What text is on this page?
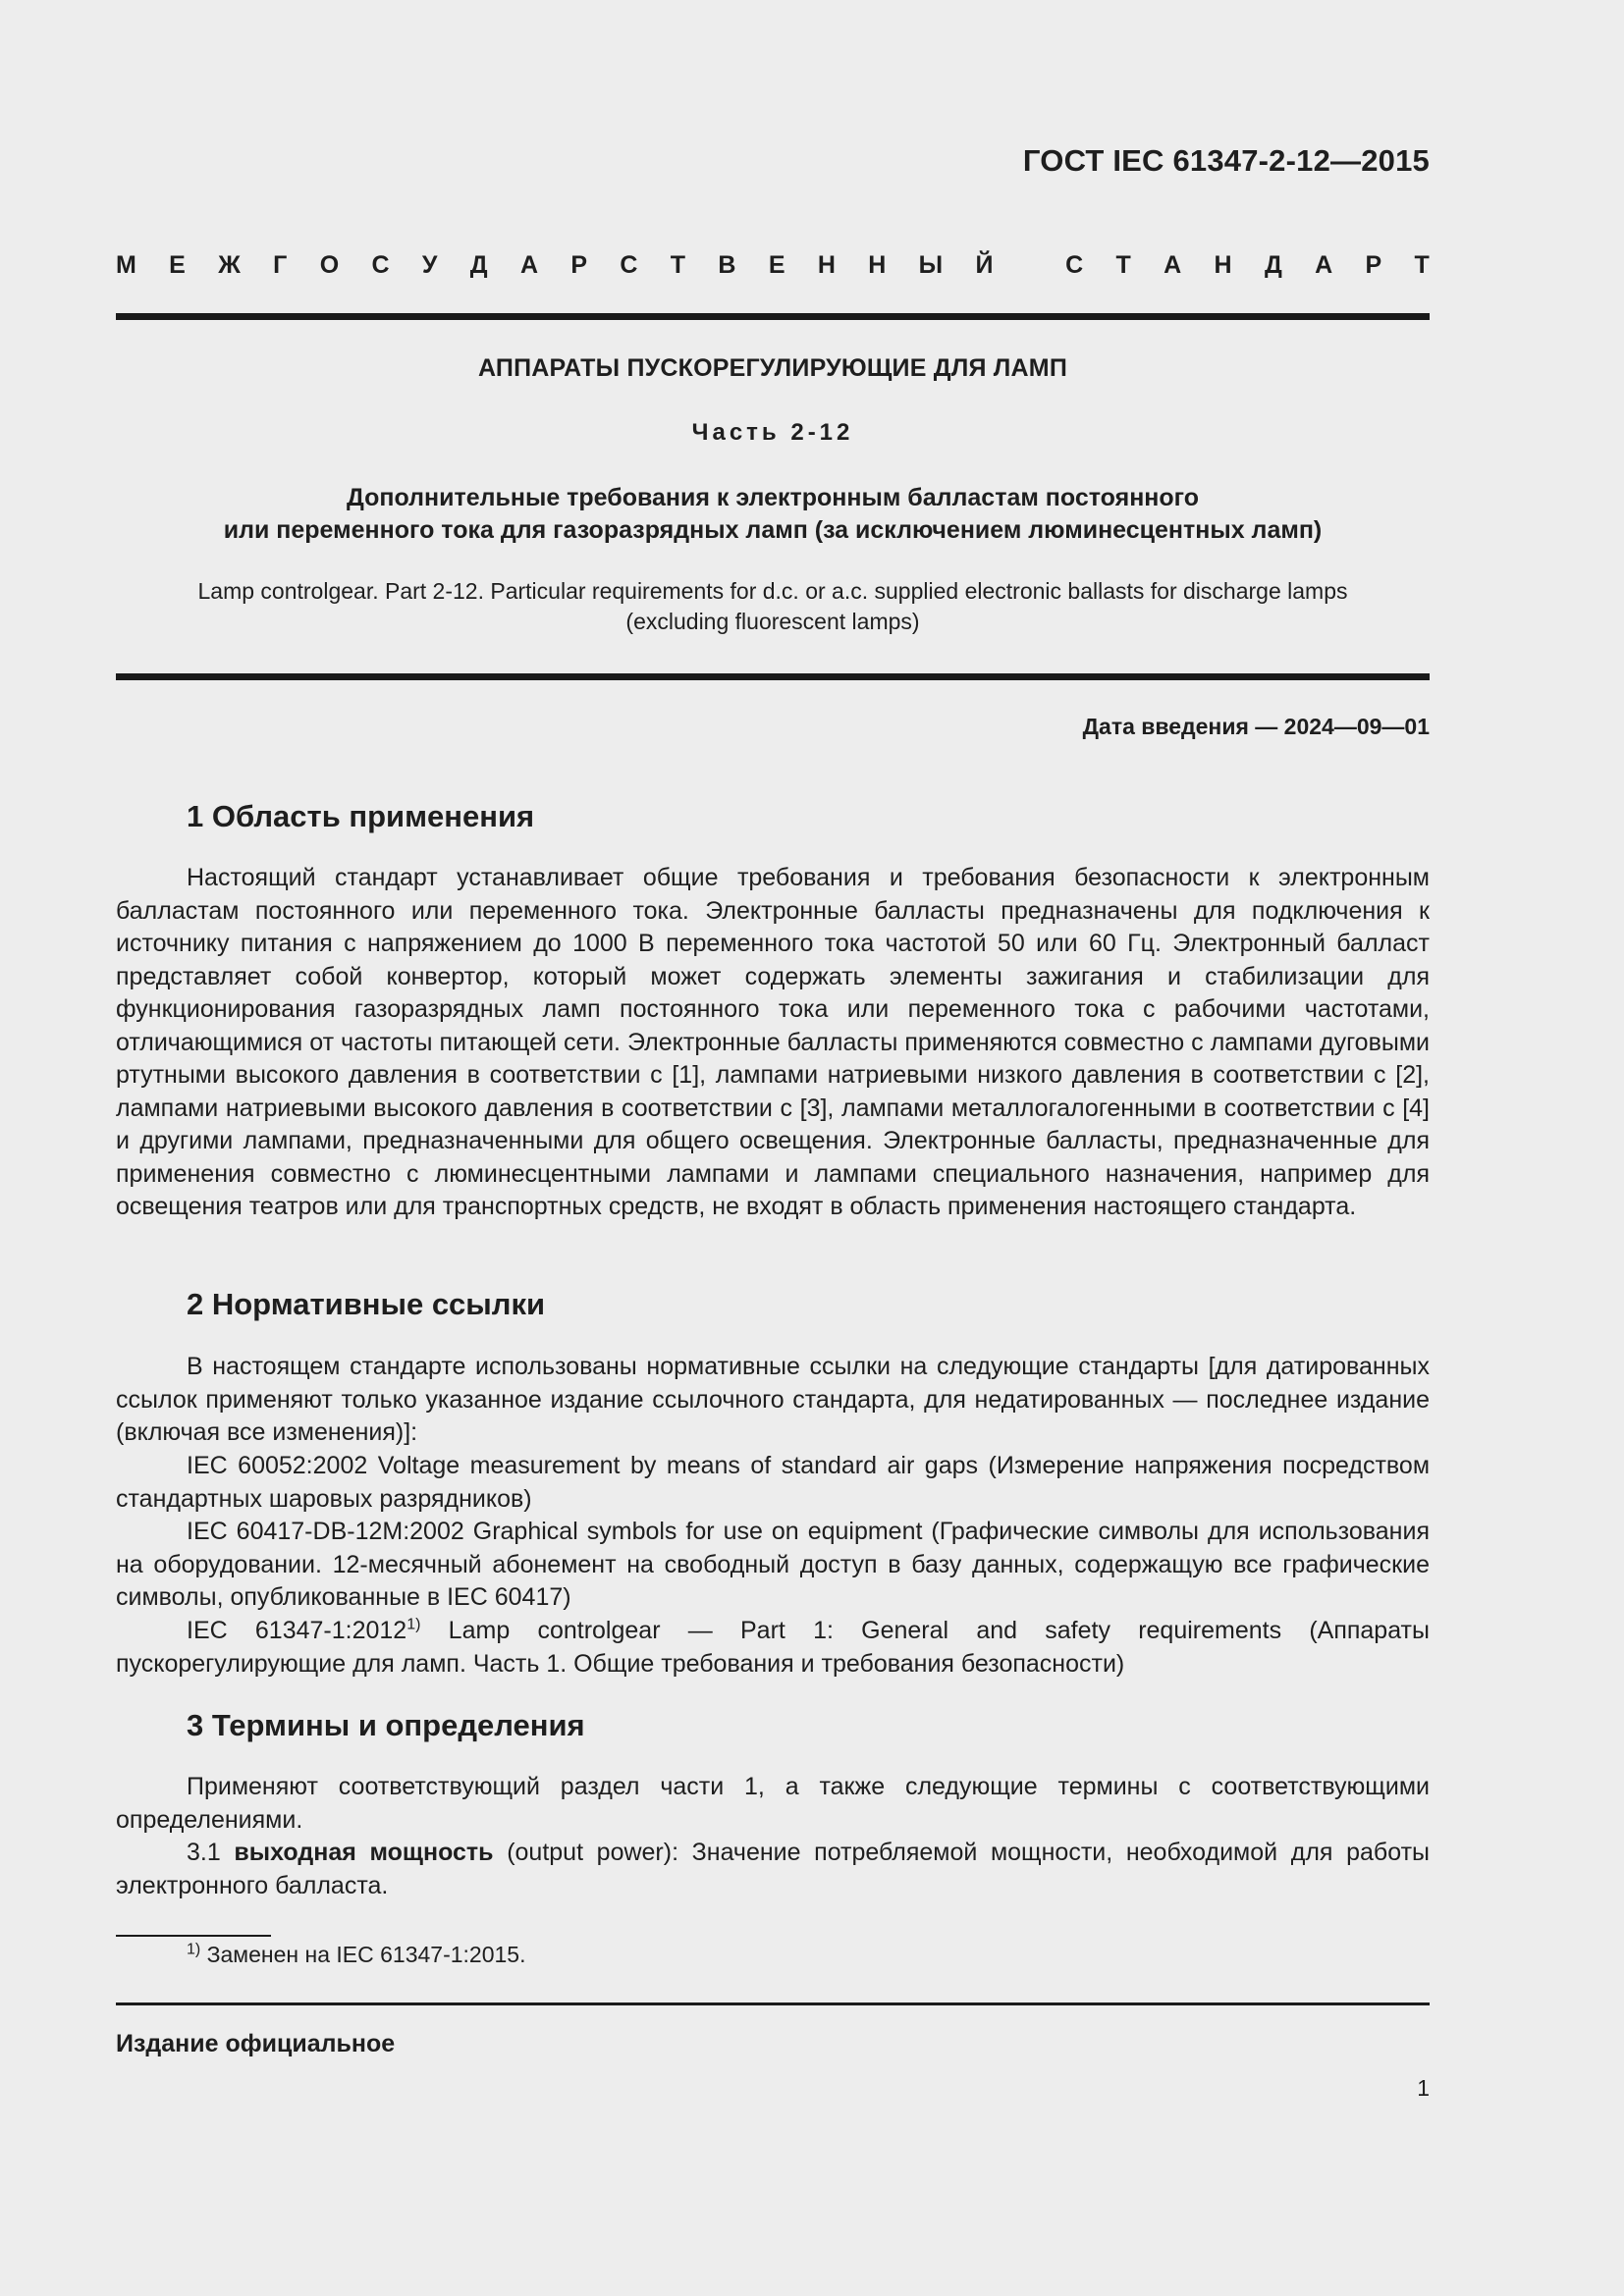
ГОСТ IEC 61347-2-12—2015
М Е Ж Г О С У Д А Р С Т В Е Н Н Ы Й
	С Т А Н Д А Р Т
АППАРАТЫ ПУСКОРЕГУЛИРУЮЩИЕ ДЛЯ ЛАМП
Часть 2-12
Дополнительные требования к электронным балластам постоянного
или переменного тока для газоразрядных ламп (за исключением люминесцентных ламп)
Lamp controlgear. Part 2-12. Particular requirements for d.c. or a.c. supplied electronic ballasts for discharge lamps
(excluding fluorescent lamps)
Дата введения — 2024—09—01
1 Область применения

Настоящий стандарт устанавливает общие требования и требования безопасности к электронным балластам постоянного или переменного тока. Электронные балласты предназначены для подключения к источнику питания с напряжением до 1000 В переменного тока частотой 50 или 60 Гц. Электронный балласт представляет собой конвертор, который может содержать элементы зажигания и стабилизации для функционирования газоразрядных ламп постоянного тока или переменного тока с рабочими частотами, отличающимися от частоты питающей сети. Электронные балласты применяются совместно с лампами дуговыми ртутными высокого давления в соответствии с [1], лампами натриевыми низкого давления в соответствии с [2], лампами натриевыми высокого давления в соответствии с [3], лампами металлогалогенными в соответствии с [4] и другими лампами, предназначенными для общего освещения. Электронные балласты, предназначенные для применения совместно с люминесцентными лампами и лампами специального назначения, например для освещения театров или для транспортных средств, не входят в область применения настоящего стандарта.

2 Нормативные ссылки

В настоящем стандарте использованы нормативные ссылки на следующие стандарты [для датированных ссылок применяют только указанное издание ссылочного стандарта, для недатированных — последнее издание (включая все изменения)]:

IEC 60052:2002 Voltage measurement by means of standard air gaps (Измерение напряжения посредством стандартных шаровых разрядников)

IEC 60417-DB-12M:2002 Graphical symbols for use on equipment (Графические символы для использования на оборудовании. 12-месячный абонемент на свободный доступ в базу данных, содержащую все графические символы, опубликованные в IEC 60417)

IEC 61347-1:2012$^{1)}$ Lamp controlgear — Part 1: General and safety requirements (Аппараты пускорегулирующие для ламп. Часть 1. Общие требования и требования безопасности)

3 Термины и определения

Применяют соответствующий раздел части 1, а также следующие термины с соответствующими определениями.

3.1 выходная мощность (output power): Значение потребляемой мощности, необходимой для работы электронного балласта.

$^{1)}$ Заменен на IEC 61347-1:2015.
Издание официальное
1
